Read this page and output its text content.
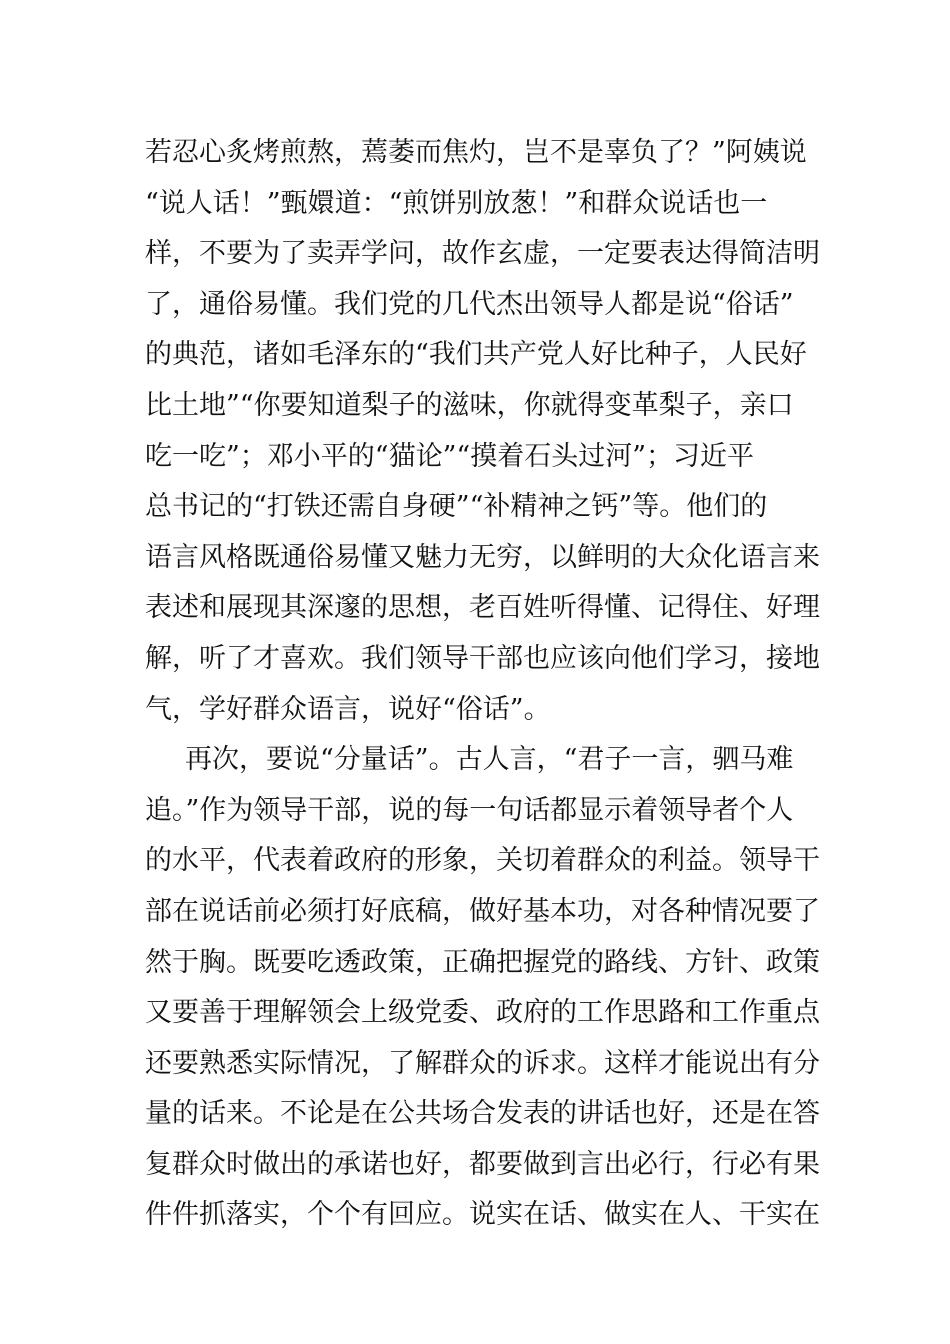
若忍心炙烤煎熬，蔫萎而焦灼，岂不是辜负了？”阿姨说
“说人话！”甄嬛道：“煎饼别放葱！”和群众说话也一
样，不要为了卖弄学问，故作玄虚，一定要表达得简洁明
了，通俗易懂。我们党的几代杰出领导人都是说“俗话”
的典范，诸如毛泽东的“我们共产党人好比种子，人民好
比土地”“你要知道梨子的滋味，你就得变革梨子，亲口
吃一吃”；邓小平的“猫论”“摸着石头过河”；习近平
总书记的“打铁还需自身硬”“补精神之钙”等。他们的
语言风格既通俗易懂又魅力无穷，以鲜明的大众化语言来
表述和展现其深邃的思想，老百姓听得懂、记得住、好理
解，听了才喜欢。我们领导干部也应该向他们学习，接地
气，学好群众语言，说好“俗话”。
再次，要说“分量话”。古人言，“君子一言，驷马难
追。”作为领导干部，说的每一句话都显示着领导者个人
的水平，代表着政府的形象，关切着群众的利益。领导干
部在说话前必须打好底稿，做好基本功，对各种情况要了
然于胸。既要吃透政策，正确把握党的路线、方针、政策
又要善于理解领会上级党委、政府的工作思路和工作重点
还要熟悉实际情况，了解群众的诉求。这样才能说出有分
量的话来。不论是在公共场合发表的讲话也好，还是在答
复群众时做出的承诺也好，都要做到言出必行，行必有果
件件抓落实，个个有回应。说实在话、做实在人、干实在
